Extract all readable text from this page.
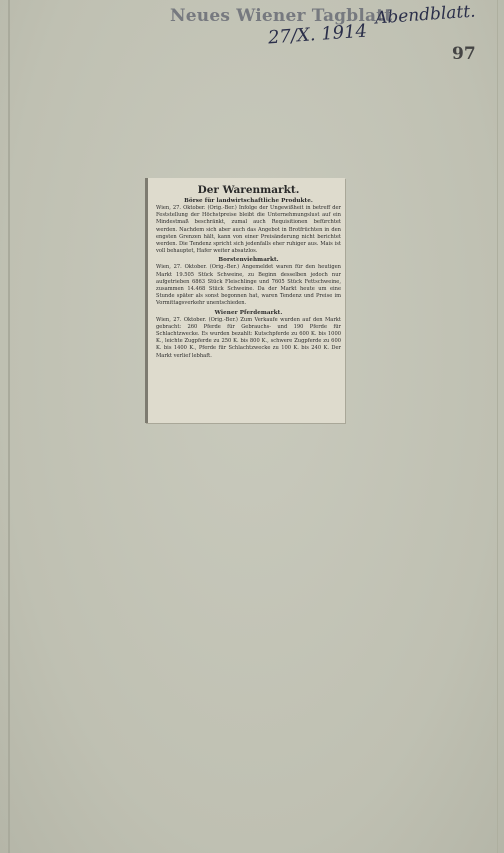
Neues Wiener Tagblatt
Abendblatt.
27/X. 1914
97
Der Warenmarkt.
Börse für landwirtschaftliche Produkte.

Wien, 27. Oktober. (Orig.-Ber.) Infolge der Ungewißheit in betreff der Feststellung der Höchstpreise bleibt die Unternehmungslust auf ein Mindestmaß beschränkt, zumal auch Requisitionen befürchtet werden. Nachdem sich aber auch das Angebot in Brotfrüchten in den engsten Grenzen hält, kann von einer Preisänderung nicht berichtet werden. Die Tendenz spricht sich jedenfalls eher ruhiger aus. Mais ist voll behauptet, Hafer weiter absatzlos.

Borstenviehmarkt.

Wien, 27. Oktober. (Orig.-Ber.) Angemeldet waren für den heutigen Markt 19.505 Stück Schweine, zu Beginn desselben jedoch nur aufgetrieben 6863 Stück Fleischlinge und 7605 Stück Fettschweine, zusammen 14.468 Stück Schweine. Da der Markt heute um eine Stunde später als sonst begonnen hat, waren Tendenz und Preise im Vormittagsverkehr unentschieden.

Wiener Pferdemarkt.

Wien, 27. Oktober. (Orig.-Ber.) Zum Verkaufe wurden auf den Markt gebracht: 260 Pferde für Gebrauchs- und 190 Pferde für Schlachtzwecke. Es wurden bezahlt: Kutschpferde zu 600 K. bis 1000 K., leichte Zugpferde zu 250 K. bis 800 K., schwere Zugpferde zu 600 K. bis 1400 K., Pferde für Schlachtzwecke zu 100 K. bis 240 K. Der Markt verlief lebhaft.
